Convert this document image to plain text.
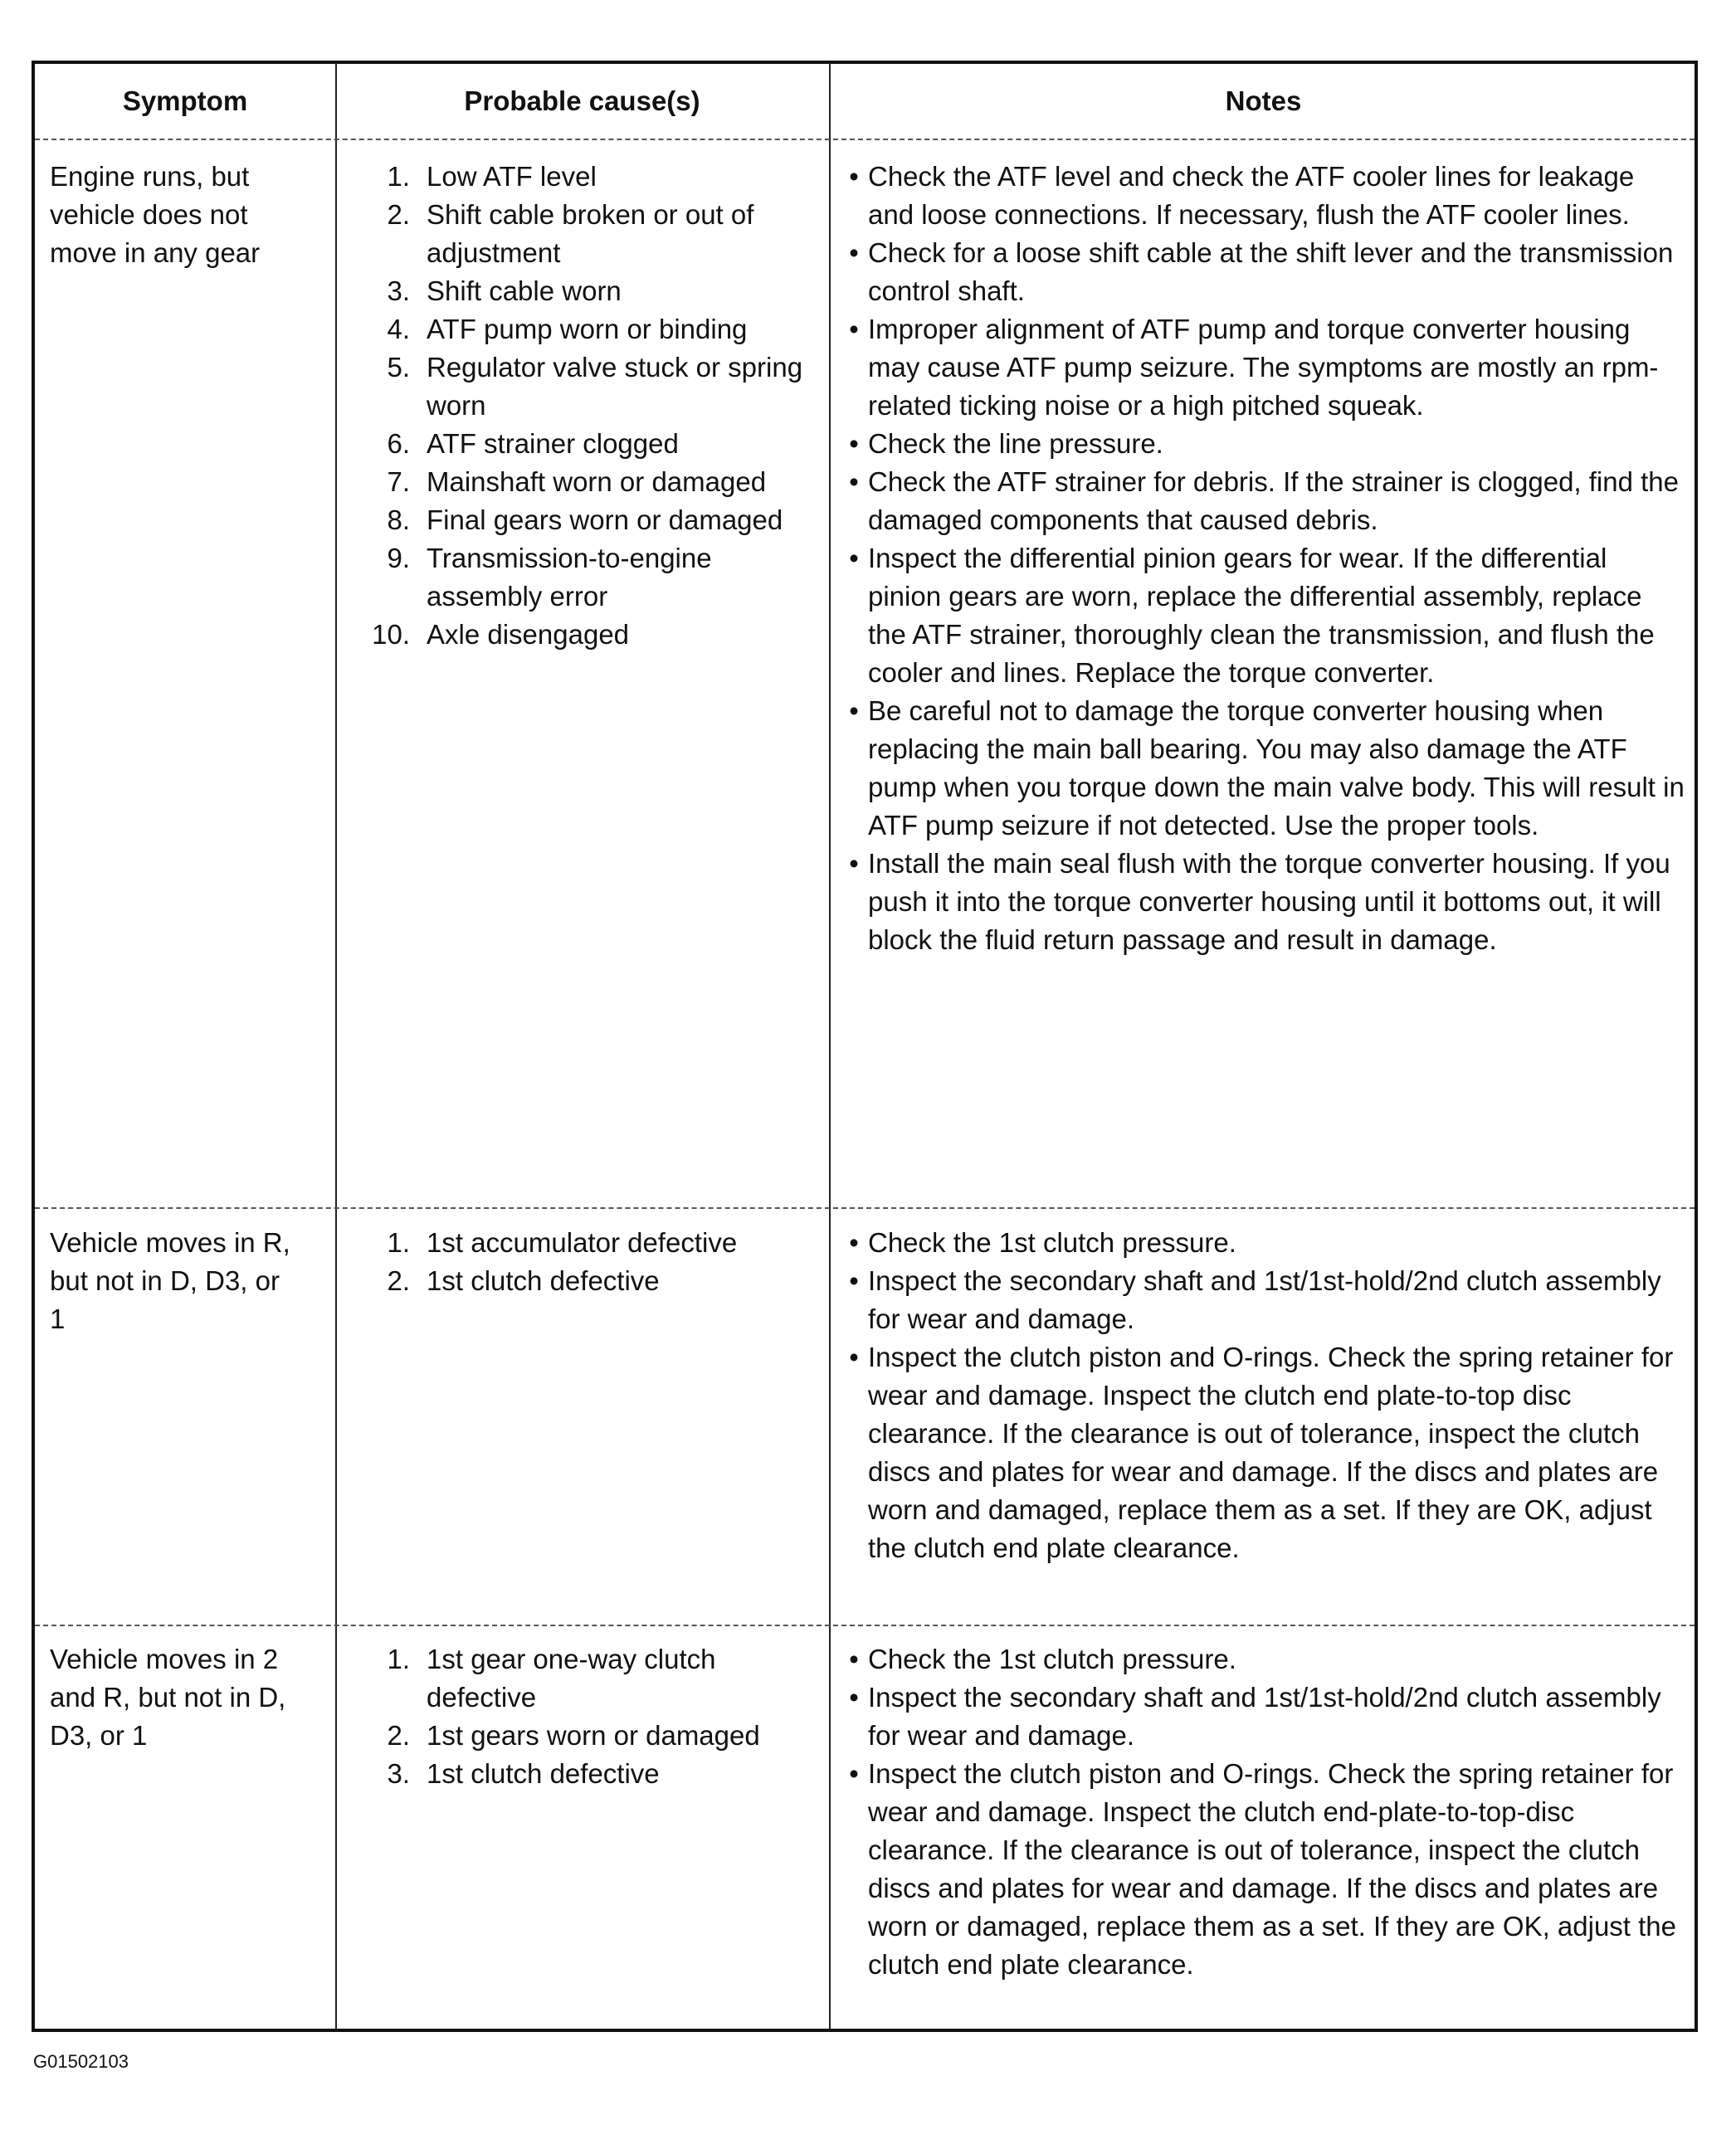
Symptom	Probable cause(s)	Notes
Engine runs, but
vehicle does not
move in any gear
1. Low ATF level
2. Shift cable broken or out of adjustment
3. Shift cable worn
4. ATF pump worn or binding
5. Regulator valve stuck or spring worn
6. ATF strainer clogged
7. Mainshaft worn or damaged
8. Final gears worn or damaged
9. Transmission-to-engine assembly error
10. Axle disengaged
• Check the ATF level and check the ATF cooler lines for leakage and loose connections. If necessary, flush the ATF cooler lines.
• Check for a loose shift cable at the shift lever and the transmission control shaft.
• Improper alignment of ATF pump and torque converter housing may cause ATF pump seizure. The symptoms are mostly an rpm-related ticking noise or a high pitched squeak.
• Check the line pressure.
• Check the ATF strainer for debris. If the strainer is clogged, find the damaged components that caused debris.
• Inspect the differential pinion gears for wear. If the differential pinion gears are worn, replace the differential assembly, replace the ATF strainer, thoroughly clean the transmission, and flush the cooler and lines. Replace the torque converter.
• Be careful not to damage the torque converter housing when replacing the main ball bearing. You may also damage the ATF pump when you torque down the main valve body. This will result in ATF pump seizure if not detected. Use the proper tools.
• Install the main seal flush with the torque converter housing. If you push it into the torque converter housing until it bottoms out, it will block the fluid return passage and result in damage.
Vehicle moves in R,
but not in D, D3, or
1
1. 1st accumulator defective
2. 1st clutch defective
• Check the 1st clutch pressure.
• Inspect the secondary shaft and 1st/1st-hold/2nd clutch assembly for wear and damage.
• Inspect the clutch piston and O-rings. Check the spring retainer for wear and damage. Inspect the clutch end plate-to-top disc clearance. If the clearance is out of tolerance, inspect the clutch discs and plates for wear and damage. If the discs and plates are worn and damaged, replace them as a set. If they are OK, adjust the clutch end plate clearance.
Vehicle moves in 2
and R, but not in D,
D3, or 1
1. 1st gear one-way clutch defective
2. 1st gears worn or damaged
3. 1st clutch defective
• Check the 1st clutch pressure.
• Inspect the secondary shaft and 1st/1st-hold/2nd clutch assembly for wear and damage.
• Inspect the clutch piston and O-rings. Check the spring retainer for wear and damage. Inspect the clutch end-plate-to-top-disc clearance. If the clearance is out of tolerance, inspect the clutch discs and plates for wear and damage. If the discs and plates are worn or damaged, replace them as a set. If they are OK, adjust the clutch end plate clearance.
G01502103
